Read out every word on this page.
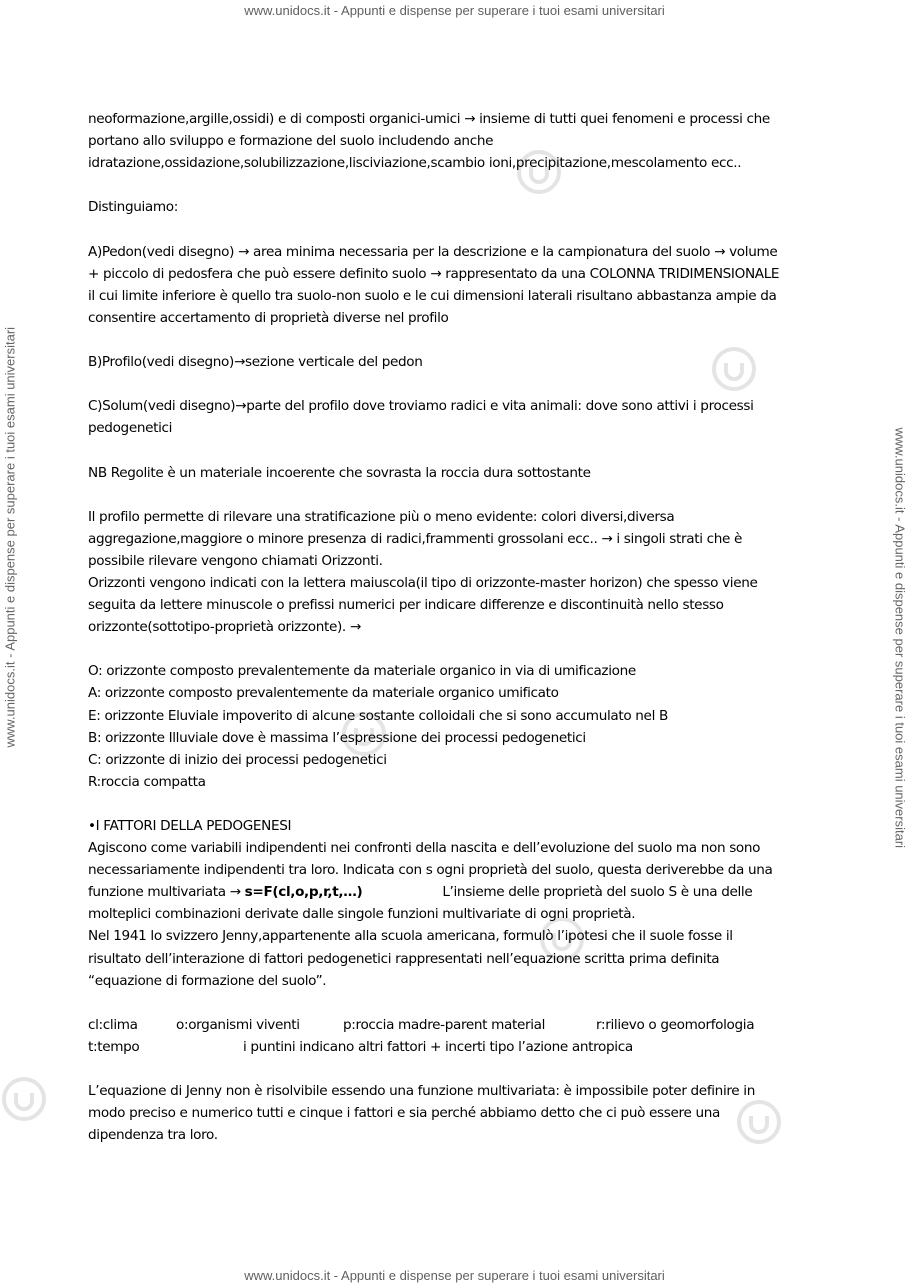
www.unidocs.it - Appunti e dispense per superare i tuoi esami universitari
www.unidocs.it - Appunti e dispense per superare i tuoi esami universitari
www.unidocs.it - Appunti e dispense per superare i tuoi esami universitari	www.unidocs.it - Appunti e dispense per superare i tuoi esami universitari

neoformazione,argille,ossidi) e di composti organici-umici → insieme di tutti quei fenomeni e processi che

portano allo sviluppo e formazione del suolo includendo anche

idratazione,ossidazione,solubilizzazione,lisciviazione,scambio ioni,precipitazione,mescolamento ecc..

Distinguiamo:

A)Pedon(vedi disegno) → area minima necessaria per la descrizione e la campionatura del suolo → volume

+ piccolo di pedosfera che può essere definito suolo → rappresentato da una COLONNA TRIDIMENSIONALE

il cui limite inferiore è quello tra suolo-non suolo e le cui dimensioni laterali risultano abbastanza ampie da

consentire accertamento di proprietà diverse nel profilo

B)Profilo(vedi disegno)→sezione verticale del pedon

C)Solum(vedi disegno)→parte del profilo dove troviamo radici e vita animali: dove sono attivi i processi

pedogenetici

NB Regolite è un materiale incoerente che sovrasta la roccia dura sottostante

Il profilo permette di rilevare una stratificazione più o meno evidente: colori diversi,diversa

aggregazione,maggiore o minore presenza di radici,frammenti grossolani ecc.. → i singoli strati che è

possibile rilevare vengono chiamati Orizzonti.

Orizzonti vengono indicati con la lettera maiuscola(il tipo di orizzonte-master horizon) che spesso viene

seguita da lettere minuscole o prefissi numerici per indicare differenze e discontinuità nello stesso

orizzonte(sottotipo-proprietà orizzonte). →

O: orizzonte composto prevalentemente da materiale organico in via di umificazione

A: orizzonte composto prevalentemente da materiale organico umificato

E: orizzonte Eluviale impoverito di alcune sostante colloidali che si sono accumulato nel B

B: orizzonte Illuviale dove è massima l’espressione dei processi pedogenetici

C: orizzonte di inizio dei processi pedogenetici

R:roccia compatta

•I FATTORI DELLA PEDOGENESI

Agiscono come variabili indipendenti nei confronti della nascita e dell’evoluzione del suolo ma non sono

necessariamente indipendenti tra loro. Indicata con s ogni proprietà del suolo, questa deriverebbe da una

funzione multivariata → s=F(cl,o,p,r,t,…)	L’insieme delle proprietà del suolo S è una delle

molteplici combinazioni derivate dalle singole funzioni multivariate di ogni proprietà.

Nel 1941 lo svizzero Jenny,appartenente alla scuola americana, formulò l’ipotesi che il suole fosse il

risultato dell’interazione di fattori pedogenetici rappresentati nell’equazione scritta prima definita

“equazione di formazione del suolo”.

cl:clima	o:organismi viventi	p:roccia madre-parent material	r:rilievo o geomorfologia
t:tempo	i puntini indicano altri fattori + incerti tipo l’azione antropica

L’equazione di Jenny non è risolvibile essendo una funzione multivariata: è impossibile poter definire in

modo preciso e numerico tutti e cinque i fattori e sia perché abbiamo detto che ci può essere una

dipendenza tra loro.
